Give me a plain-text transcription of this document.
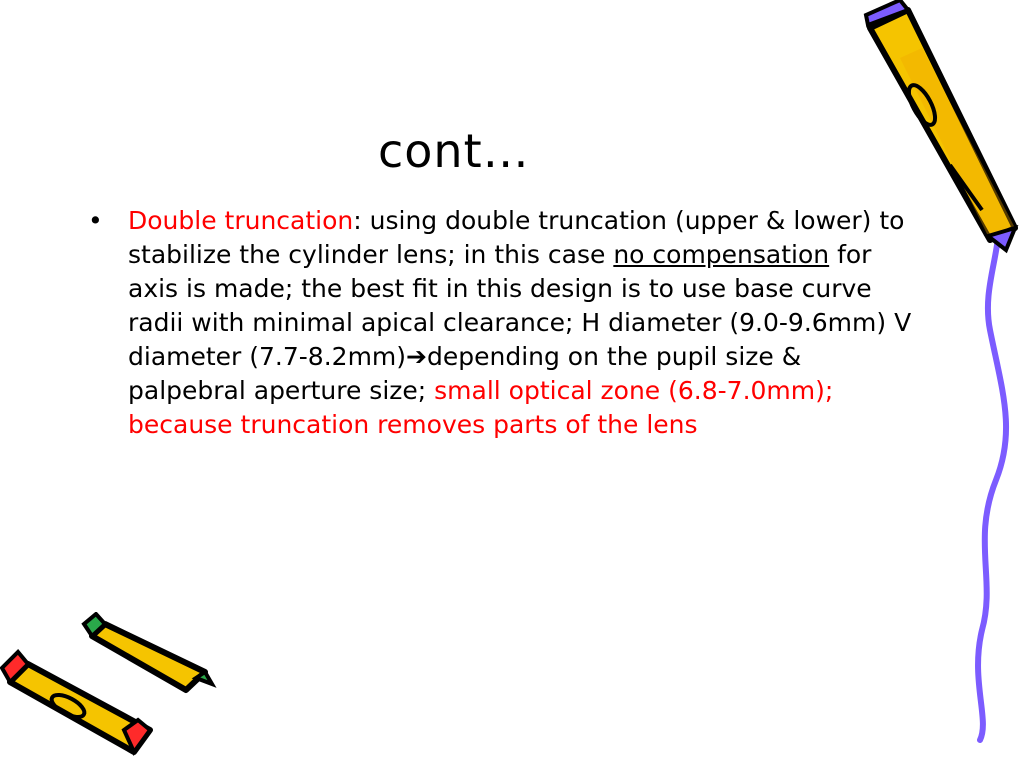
cont…
•	Double truncation: using double truncation (upper & lower) to stabilize the cylinder lens; in this case no compensation for axis is made; the best fit in this design is to use base curve radii with minimal apical clearance; H diameter (9.0-9.6mm) V diameter (7.7-8.2mm)➔depending on the pupil size & palpebral aperture size; small optical zone (6.8-7.0mm); because truncation removes parts of the lens
